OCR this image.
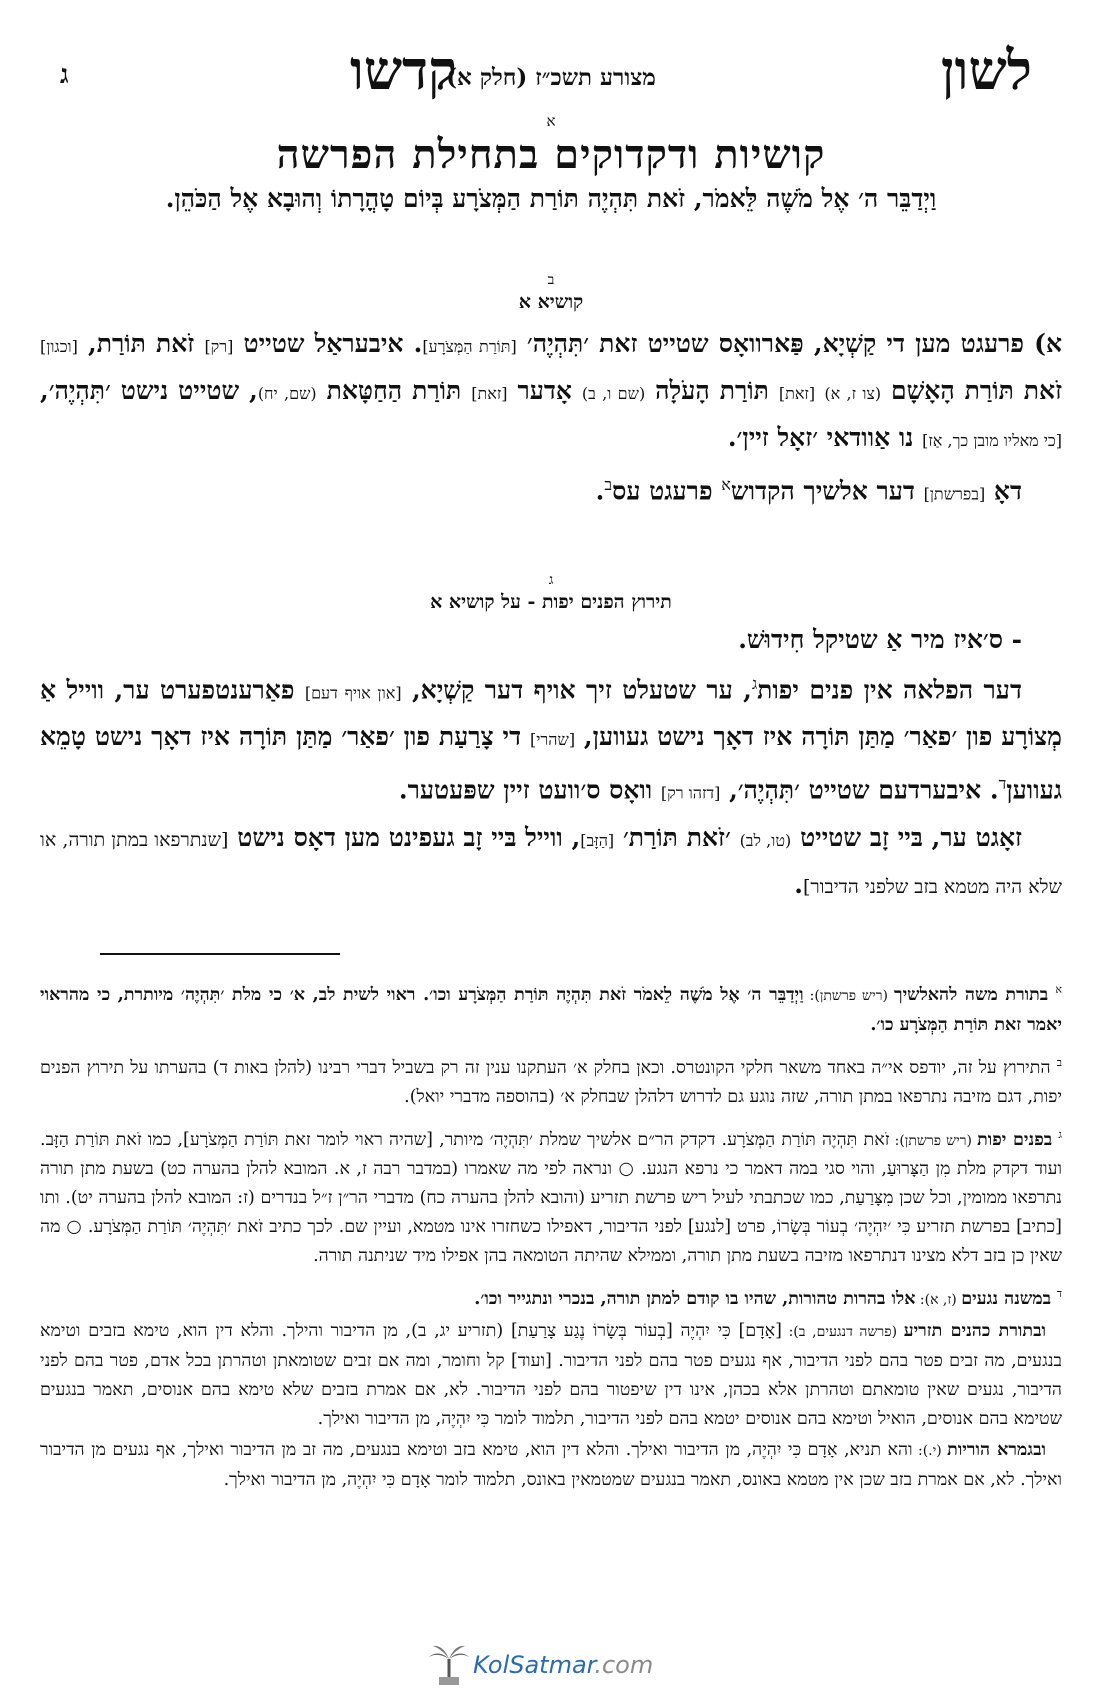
לשון
מצורע תשכ״ז (חלק א)
קדשו
ג
א
קושיות ודקדוקים בתחילת הפרשה
וַיְדַבֵּר ה׳ אֶל מֹשֶׁה לֵּאמֹר, זֹאת תִּהְיֶה תּוֹרַת הַמְּצֹרָע בְּיוֹם טָהֳרָתוֹ וְהוּבָא אֶל הַכֹּהֵן.
ב
קושיא א
א) פרעגט מען די קַשְׁיָא, פַּארוואָס שטייט זאת ׳תִּהְיֶה׳ [תּוֹרַת הַמְּצֹרָע]. איבעראַל שטייט [רק] זֹאת תּוֹרַת, [וכגון] זֹאת תּוֹרַת הָאָשָׁם (צו ז, א) [זאת] תּוֹרַת הָעֹלָה (שם ו, ב) אָדער [זאת] תּוֹרַת הַחַטָּאת (שם, יח), שטייט נישט ׳תִּהְיֶה׳, [כי מאליו מובן כך, אַז] נו אַוודאי ׳זאָל זיין׳.
דאָ [בפרשתן] דער אלשיך הקדוש$^א$ פרעגט עס$^ב$.
ג
תירוץ הפנים יפות - על קושיא א
- ס׳איז מיר אַ שטיקל חִידוּשׁ.
דער הפלאה אין פנים יפות$^ג$, ער שטעלט זיך אויף דער קַשְׁיָא, [און אויף דעם] פאַרענטפערט ער, ווייל אַ מְצוֹרָע פון ׳פאַר׳ מַתַּן תּוֹרָה איז דאָך נישט געווען, [שהרי] די צָרַעַת פון ׳פאַר׳ מַתַּן תּוֹרָה איז דאָך נישט טָמֵא געווען$^ד$. איבערדעם שטייט ׳תִּהְיֶה׳, [דזהו רק] וואָס ס׳וועט זיין שפּעטער.
זאָגט ער, בּיי זָב שטייט (טו, לב) ׳זֹאת תּוֹרַת׳ [הַזָּב], ווייל בּיי זָב געפינט מען דאָס נישט [שנתרפאו במתן תורה, או שלא היה מטמא בזב שלפני הדיבור].
$^א$ בתורת משה להאלשיך (ריש פרשתן): וַיְדַבֵּר ה׳ אֶל מֹשֶׁה לֵאמֹר זֹאת תִּהְיֶה תּוֹרַת הַמְּצֹרָע וכו׳. ראוי לשית לב, א׳ כי מלת ׳תִּהְיֶה׳ מיותרת, כי מהראוי יאמר זאת תּוֹרַת הַמְּצֹרָע כו׳.
$^ב$ התירוץ על זה, יודפס אי״ה באחד משאר חלקי הקונטרס. וכאן בחלק א׳ העתקנו ענין זה רק בשביל דברי רבינו (להלן באות ד) בהערתו על תירוץ הפנים יפות, דגם מזיבה נתרפאו במתן תורה, שזה נוגע גם לדרוש דלהלן שבחלק א׳ (בהוספה מדברי יואל).
$^ג$ בפנים יפות (ריש פרשתן): זֹאת תִּהְיֶה תּוֹרַת הַמְּצֹרָע. דקדק הר״ם אלשיך שמלת ׳תִּהְיֶה׳ מיותר, [שהיה ראוי לומר זאת תּוֹרַת הַמְּצֹרָע], כמו זֹאת תּוֹרַת הַזָּב. ועוד דקדק מלת מִן הַצָּרוּעַ, והוי סגי במה דאמר כי נרפא הנגע. ○ ונראה לפי מה שאמרו (במדבר רבה ז, א. המובא להלן בהערה כט) בשעת מתן תורה נתרפאו ממומין, וכל שכן מִצָּרַעַת, כמו שכתבתי לעיל ריש פרשת תזריע (והובא להלן בהערה כח) מדברי הר״ן ז״ל בנדרים (ז: המובא להלן בהערה יט). ותו [כתיב] בפרשת תזריע כִּי ׳יִהְיֶה׳ בְעוֹר בְּשָׂרוֹ, פרט [לנגע] לפני הדיבור, דאפילו כשחזרו אינו מטמא, ועיין שם. לכך כתיב זֹאת ׳תִּהְיֶה׳ תּוֹרַת הַמְּצֹרָע. ○ מה שאין כן בזב דלא מצינו דנתרפאו מזיבה בשעת מתן תורה, וממילא שהיתה הטומאה בהן אפילו מיד שניתנה תורה.
$^ד$ במשנה נגעים (ז, א): אלו בהרות טהורות, שהיו בו קודם למתן תורה, בנכרי ונתגייר וכו׳.
ובתורת כהנים תזריע (פרשה דנגעים, ב): [אָדָם] כִּי יִהְיֶה [בְעוֹר בְּשָׂרוֹ נֶגַע צָרַעַת] (תזריע יג, ב), מן הדיבור והילך. והלא דין הוא, טימא בזבים וטימא בנגעים, מה זבים פטר בהם לפני הדיבור, אף נגעים פטר בהם לפני הדיבור. [ועוד] קל וחומר, ומה אם זבים שטומאתן וטהרתן בכל אדם, פטר בהם לפני הדיבור, נגעים שאין טומאתם וטהרתן אלא בכהן, אינו דין שיפטור בהם לפני הדיבור. לא, אם אמרת בזבים שלא טימא בהם אנוסים, תאמר בנגעים שטימא בהם אנוסים, הואיל וטימא בהם אנוסים יטמא בהם לפני הדיבור, תלמוד לומר כִּי יִהְיֶה, מן הדיבור ואילך.
ובגמרא הוריות (י.): והא תניא, אָדָם כִּי יִהְיֶה, מן הדיבור ואילך. והלא דין הוא, טימא בזב וטימא בנגעים, מה זב מן הדיבור ואילך, אף נגעים מן הדיבור ואילך. לא, אם אמרת בזב שכן אין מטמא באונס, תאמר בנגעים שמטמאין באונס, תלמוד לומר אָדָם כִּי יִהְיֶה, מן הדיבור ואילך.
KolSatmar.com
